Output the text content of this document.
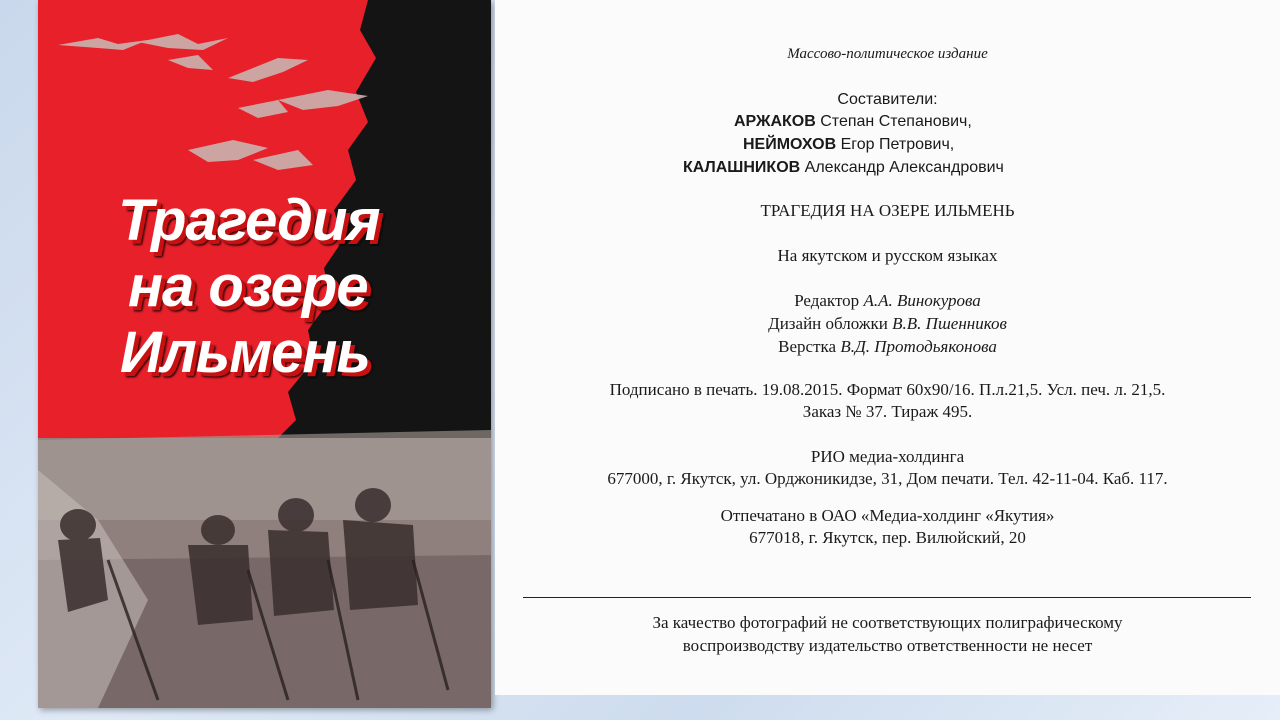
Трагедия
на озере
Ильмень
Массово-политическое издание
Составители:
АРЖАКОВ Степан Степанович,
НЕЙМОХОВ Егор Петрович,
КАЛАШНИКОВ Александр Александрович
ТРАГЕДИЯ НА ОЗЕРЕ ИЛЬМЕНЬ
На якутском и русском языках
Редактор А.А. Винокурова
Дизайн обложки В.В. Пшенников
Верстка В.Д. Протодьяконова
Подписано в печать. 19.08.2015. Формат 60х90/16. П.л.21,5. Усл. печ. л. 21,5.
Заказ № 37. Тираж 495.
РИО медиа-холдинга
677000, г. Якутск, ул. Орджоникидзе, 31, Дом печати. Тел. 42-11-04. Каб. 117.
Отпечатано в ОАО «Медиа-холдинг «Якутия»
677018, г. Якутск, пер. Вилюйский, 20
За качество фотографий не соответствующих полиграфическому
воспроизводству издательство ответственности не несет
